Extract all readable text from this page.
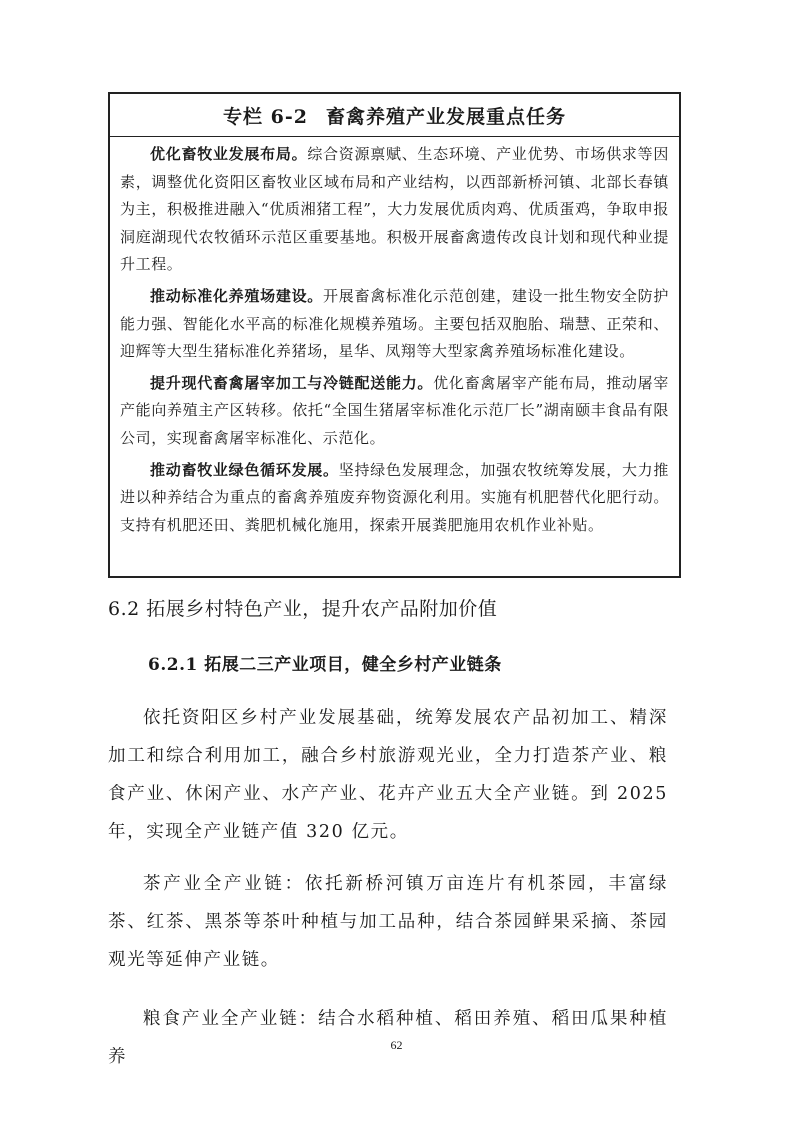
专栏 6-2 畜禽养殖产业发展重点任务

优化畜牧业发展布局。综合资源禀赋、生态环境、产业优势、市场供求等因素，调整优化资阳区畜牧业区域布局和产业结构，以西部新桥河镇、北部长春镇为主，积极推进融入“优质湘猪工程”，大力发展优质肉鸡、优质蛋鸡，争取申报洞庭湖现代农牧循环示范区重要基地。积极开展畜禽遗传改良计划和现代种业提升工程。

推动标准化养殖场建设。开展畜禽标准化示范创建，建设一批生物安全防护能力强、智能化水平高的标准化规模养殖场。主要包括双胞胎、瑞慧、正荣和、迎辉等大型生猪标准化养猪场，星华、凤翔等大型家禽养殖场标准化建设。

提升现代畜禽屠宰加工与冷链配送能力。优化畜禽屠宰产能布局，推动屠宰产能向养殖主产区转移。依托“全国生猪屠宰标准化示范厂长”湖南颐丰食品有限公司，实现畜禽屠宰标准化、示范化。

推动畜牧业绿色循环发展。坚持绿色发展理念，加强农牧统筹发展，大力推进以种养结合为重点的畜禽养殖废弃物资源化利用。实施有机肥替代化肥行动。支持有机肥还田、粪肥机械化施用，探索开展粪肥施用农机作业补贴。

6.2 拓展乡村特色产业，提升农产品附加价值
6.2.1 拓展二三产业项目，健全乡村产业链条

依托资阳区乡村产业发展基础，统筹发展农产品初加工、精深加工和综合利用加工，融合乡村旅游观光业，全力打造茶产业、粮食产业、休闲产业、水产产业、花卉产业五大全产业链。到 2025 年，实现全产业链产值 320 亿元。

茶产业全产业链：依托新桥河镇万亩连片有机茶园，丰富绿茶、红茶、黑茶等茶叶种植与加工品种，结合茶园鲜果采摘、茶园观光等延伸产业链。

粮食产业全产业链：结合水稻种植、稻田养殖、稻田瓜果种植养

62
